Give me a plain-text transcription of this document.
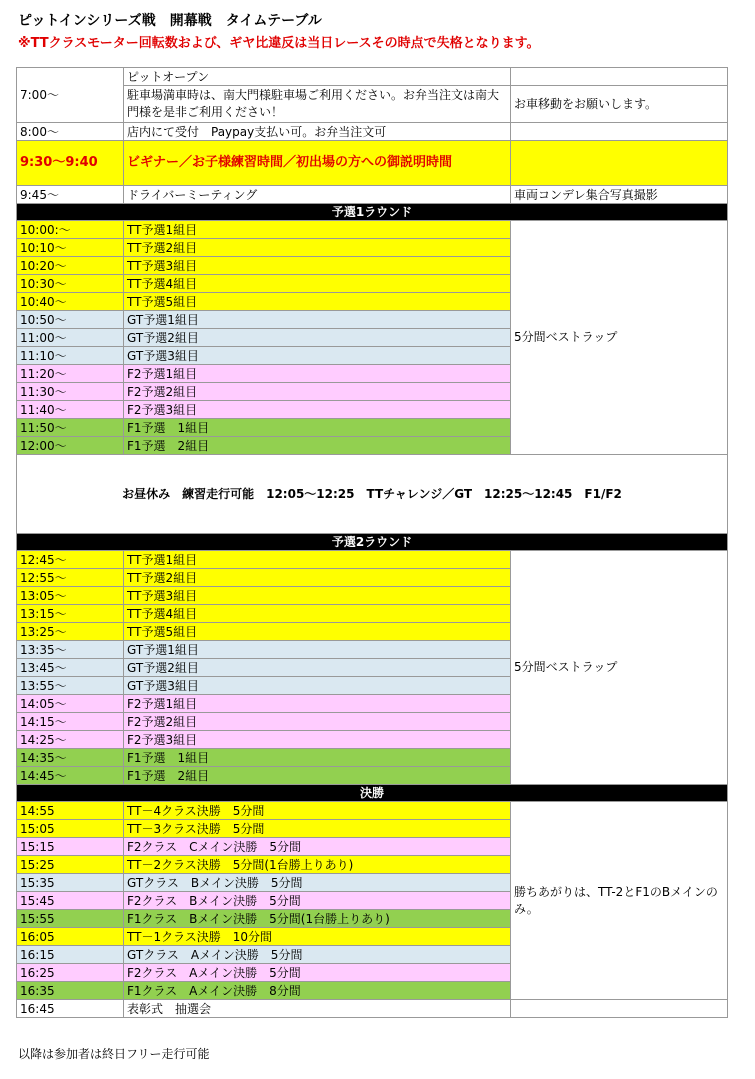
ピットインシリーズ戦　開幕戦　タイムテーブル
※TTクラスモーター回転数および、ギヤ比違反は当日レースその時点で失格となります。
7:00～	ピットオープン	
	駐車場満車時は、南大門様駐車場ご利用ください。お弁当注文は南大門様を是非ご利用ください！	お車移動をお願いします。
8:00～	店内にて受付　Paypay支払い可。お弁当注文可	
9:30～9:40	ビギナー／お子様練習時間／初出場の方への御説明時間	
9:45～	ドライバーミーティング	車両コンデレ集合写真撮影
予選1ラウンド		
10:00:～	TT予選1組目	5分間ベストラップ
10:10～	TT予選2組目	
10:20～	TT予選3組目	
10:30～	TT予選4組目	
10:40～	TT予選5組目	
10:50～	GT予選1組目	
11:00～	GT予選2組目	
11:10～	GT予選3組目	
11:20～	F2予選1組目	
11:30～	F2予選2組目	
11:40～	F2予選3組目	
11:50～	F1予選　1組目	
12:00～	F1予選　2組目	
お昼休み　練習走行可能　12:05～12:25　TTチャレンジ／GT　12:25～12:45　F1/F2		
予選2ラウンド		
12:45～	TT予選1組目	5分間ベストラップ
12:55～	TT予選2組目	
13:05～	TT予選3組目	
13:15～	TT予選4組目	
13:25～	TT予選5組目	
13:35～	GT予選1組目	
13:45～	GT予選2組目	
13:55～	GT予選3組目	
14:05～	F2予選1組目	
14:15～	F2予選2組目	
14:25～	F2予選3組目	
14:35～	F1予選　1組目	
14:45～	F1予選　2組目	
決勝		
14:55	TT－4クラス決勝　5分間	勝ちあがりは、TT-2とF1のBメインのみ。
15:05	TT－3クラス決勝　5分間	
15:15	F2クラス　Cメイン決勝　5分間	
15:25	TT－2クラス決勝　5分間(1台勝上りあり)	
15:35	GTクラス　Bメイン決勝　5分間	
15:45	F2クラス　Bメイン決勝　5分間	
15:55	F1クラス　Bメイン決勝　5分間(1台勝上りあり)	
16:05	TT－1クラス決勝　10分間	
16:15	GTクラス　Aメイン決勝　5分間	
16:25	F2クラス　Aメイン決勝　5分間	
16:35	F1クラス　Aメイン決勝　8分間	
16:45	表彰式　抽選会	
以降は参加者は終日フリー走行可能
